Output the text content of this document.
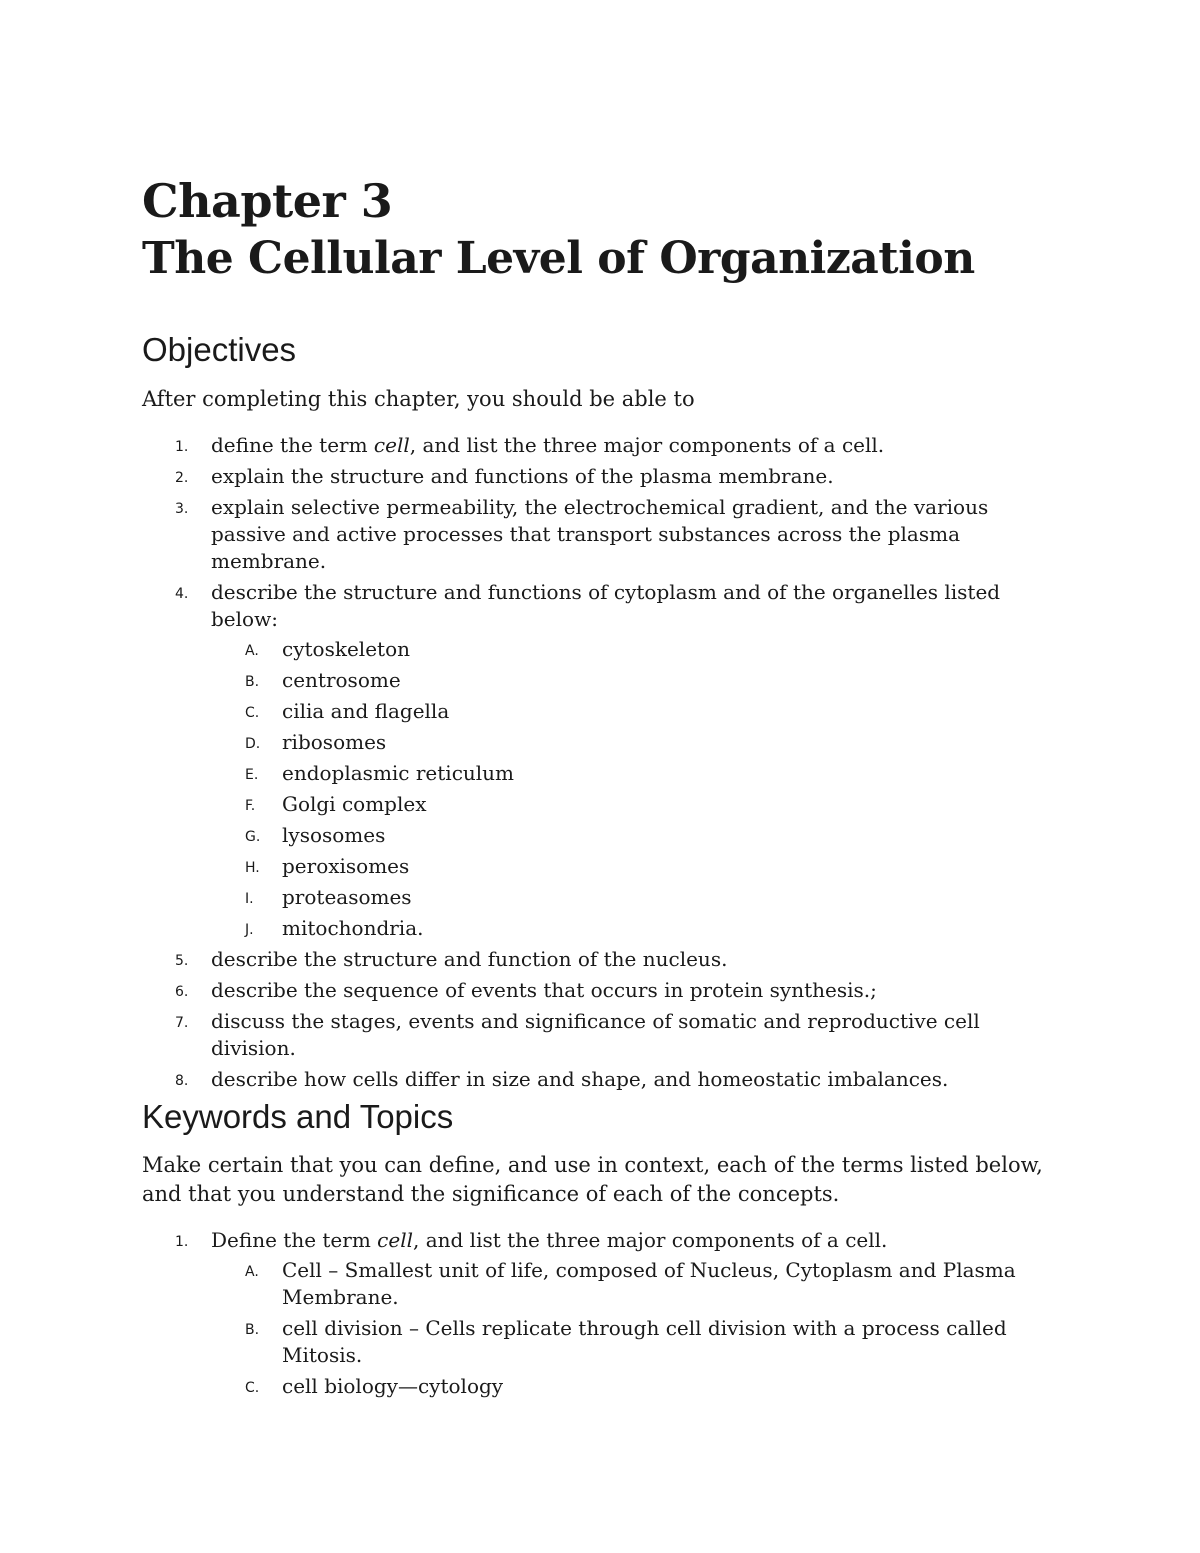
Chapter 3
The Cellular Level of Organization
Objectives

After completing this chapter, you should be able to

1. define the term cell, and list the three major components of a cell.
2. explain the structure and functions of the plasma membrane.
3. explain selective permeability, the electrochemical gradient, and the various passive and active processes that transport substances across the plasma membrane.
4. describe the structure and functions of cytoplasm and of the organelles listed below:
A. cytoskeleton
B. centrosome
C. cilia and flagella
D. ribosomes
E. endoplasmic reticulum
F. Golgi complex
G. lysosomes
H. peroxisomes
I. proteasomes
J. mitochondria.
5. describe the structure and function of the nucleus.
6. describe the sequence of events that occurs in protein synthesis.;
7. discuss the stages, events and significance of somatic and reproductive cell division.
8. describe how cells differ in size and shape, and homeostatic imbalances.
Keywords and Topics

Make certain that you can define, and use in context, each of the terms listed below, and that you understand the significance of each of the concepts.

1. Define the term cell, and list the three major components of a cell.
A. Cell – Smallest unit of life, composed of Nucleus, Cytoplasm and Plasma Membrane.
B. cell division – Cells replicate through cell division with a process called Mitosis.
C. cell biology—cytology
